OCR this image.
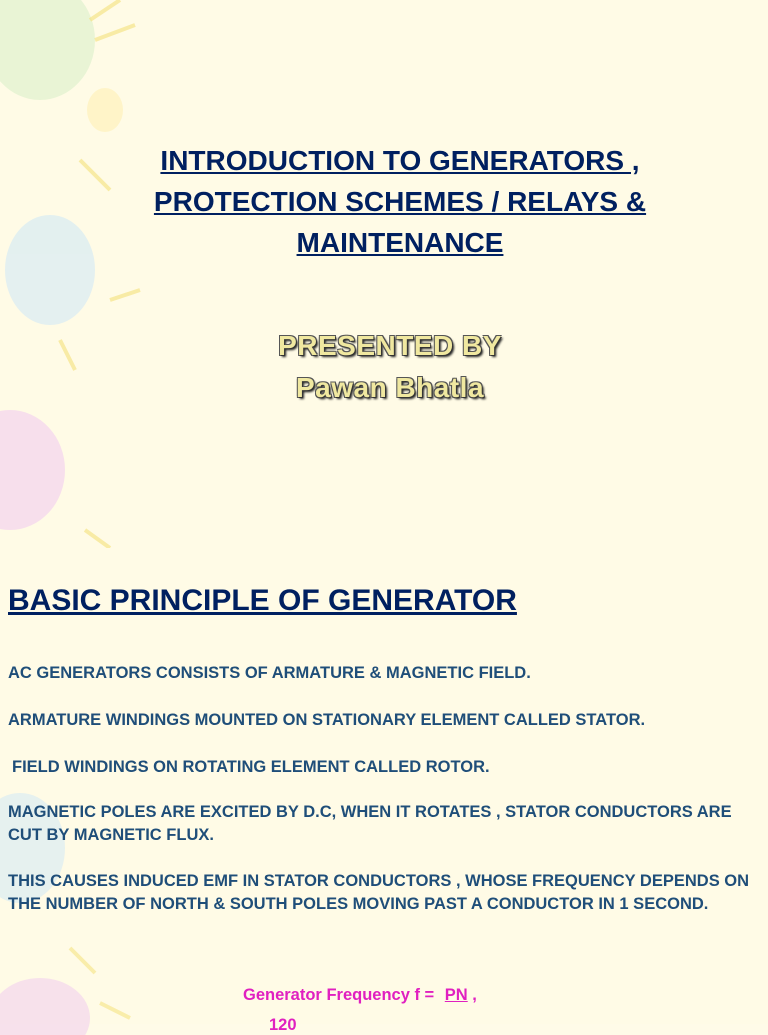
INTRODUCTION TO GENERATORS ,
PROTECTION SCHEMES / RELAYS &
MAINTENANCE
PRESENTED BY
Pawan Bhatla
BASIC PRINCIPLE OF GENERATOR
AC GENERATORS CONSISTS OF ARMATURE & MAGNETIC FIELD.
ARMATURE WINDINGS MOUNTED ON STATIONARY ELEMENT CALLED STATOR.
FIELD WINDINGS ON ROTATING ELEMENT CALLED ROTOR.
MAGNETIC POLES ARE EXCITED BY D.C, WHEN IT ROTATES , STATOR CONDUCTORS ARE CUT BY MAGNETIC FLUX.
THIS CAUSES INDUCED EMF IN STATOR CONDUCTORS , WHOSE FREQUENCY DEPENDS ON THE NUMBER OF NORTH & SOUTH POLES MOVING PAST A CONDUCTOR IN 1 SECOND.
Generator Frequency f = PN ,
120
